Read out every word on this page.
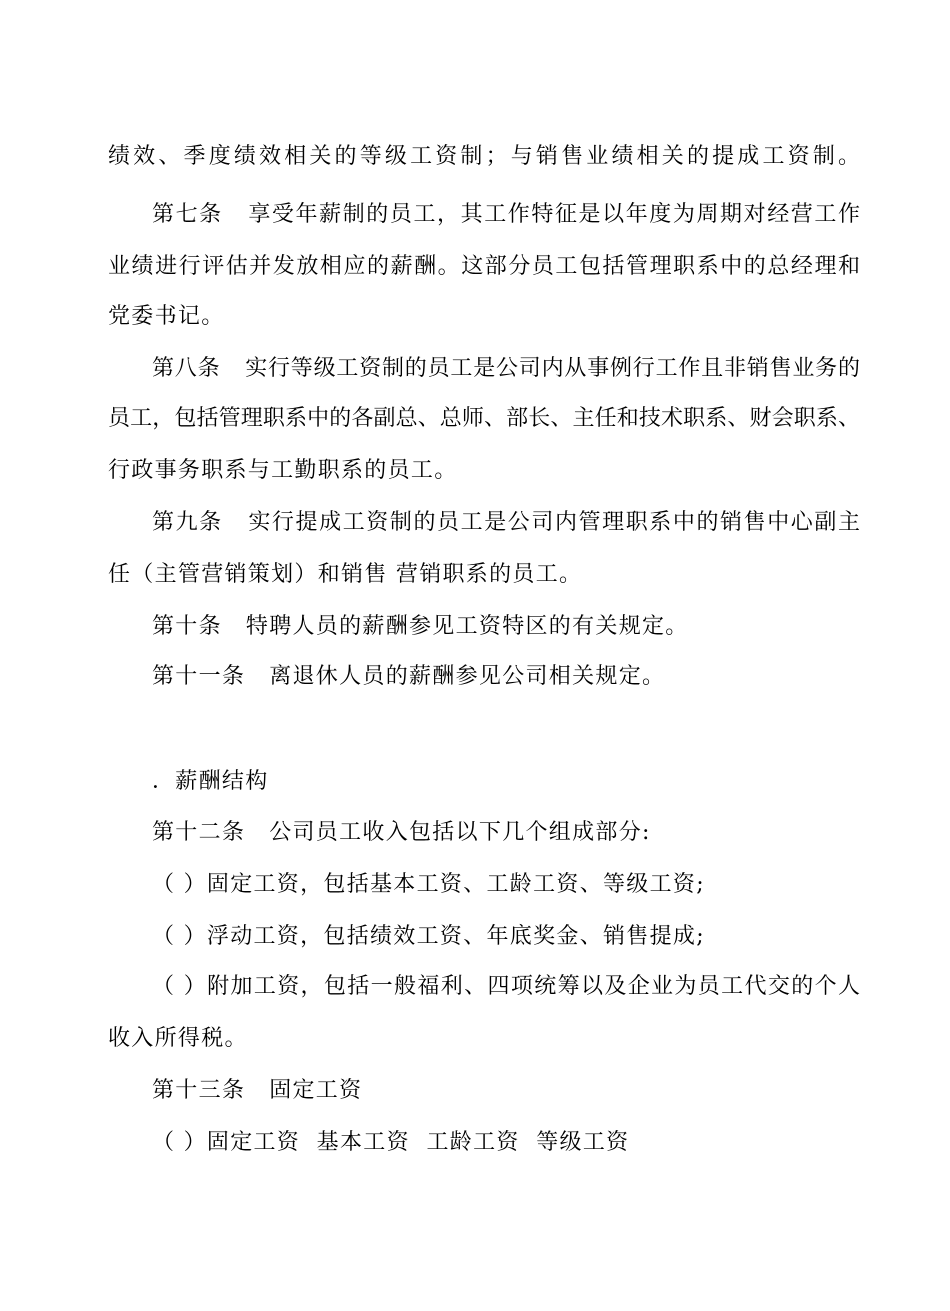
绩效、季度绩效相关的等级工资制；与销售业绩相关的提成工资制。
第七条 享受年薪制的员工，其工作特征是以年度为周期对经营工作
业绩进行评估并发放相应的薪酬。这部分员工包括管理职系中的总经理和
党委书记。
第八条 实行等级工资制的员工是公司内从事例行工作且非销售业务的
员工，包括管理职系中的各副总、总师、部长、主任和技术职系、财会职系、
行政事务职系与工勤职系的员工。
第九条 实行提成工资制的员工是公司内管理职系中的销售中心副主
任（主管营销策划）和销售 营销职系的员工。
第十条 特聘人员的薪酬参见工资特区的有关规定。
第十一条 离退休人员的薪酬参见公司相关规定。
．薪酬结构
第十二条 公司员工收入包括以下几个组成部分:
（ ）固定工资，包括基本工资、工龄工资、等级工资;
（ ）浮动工资，包括绩效工资、年底奖金、销售提成;
（ ）附加工资，包括一般福利、四项统筹以及企业为员工代交的个人
收入所得税。
第十三条 固定工资
（ ）固定工资  基本工资  工龄工资  等级工资
